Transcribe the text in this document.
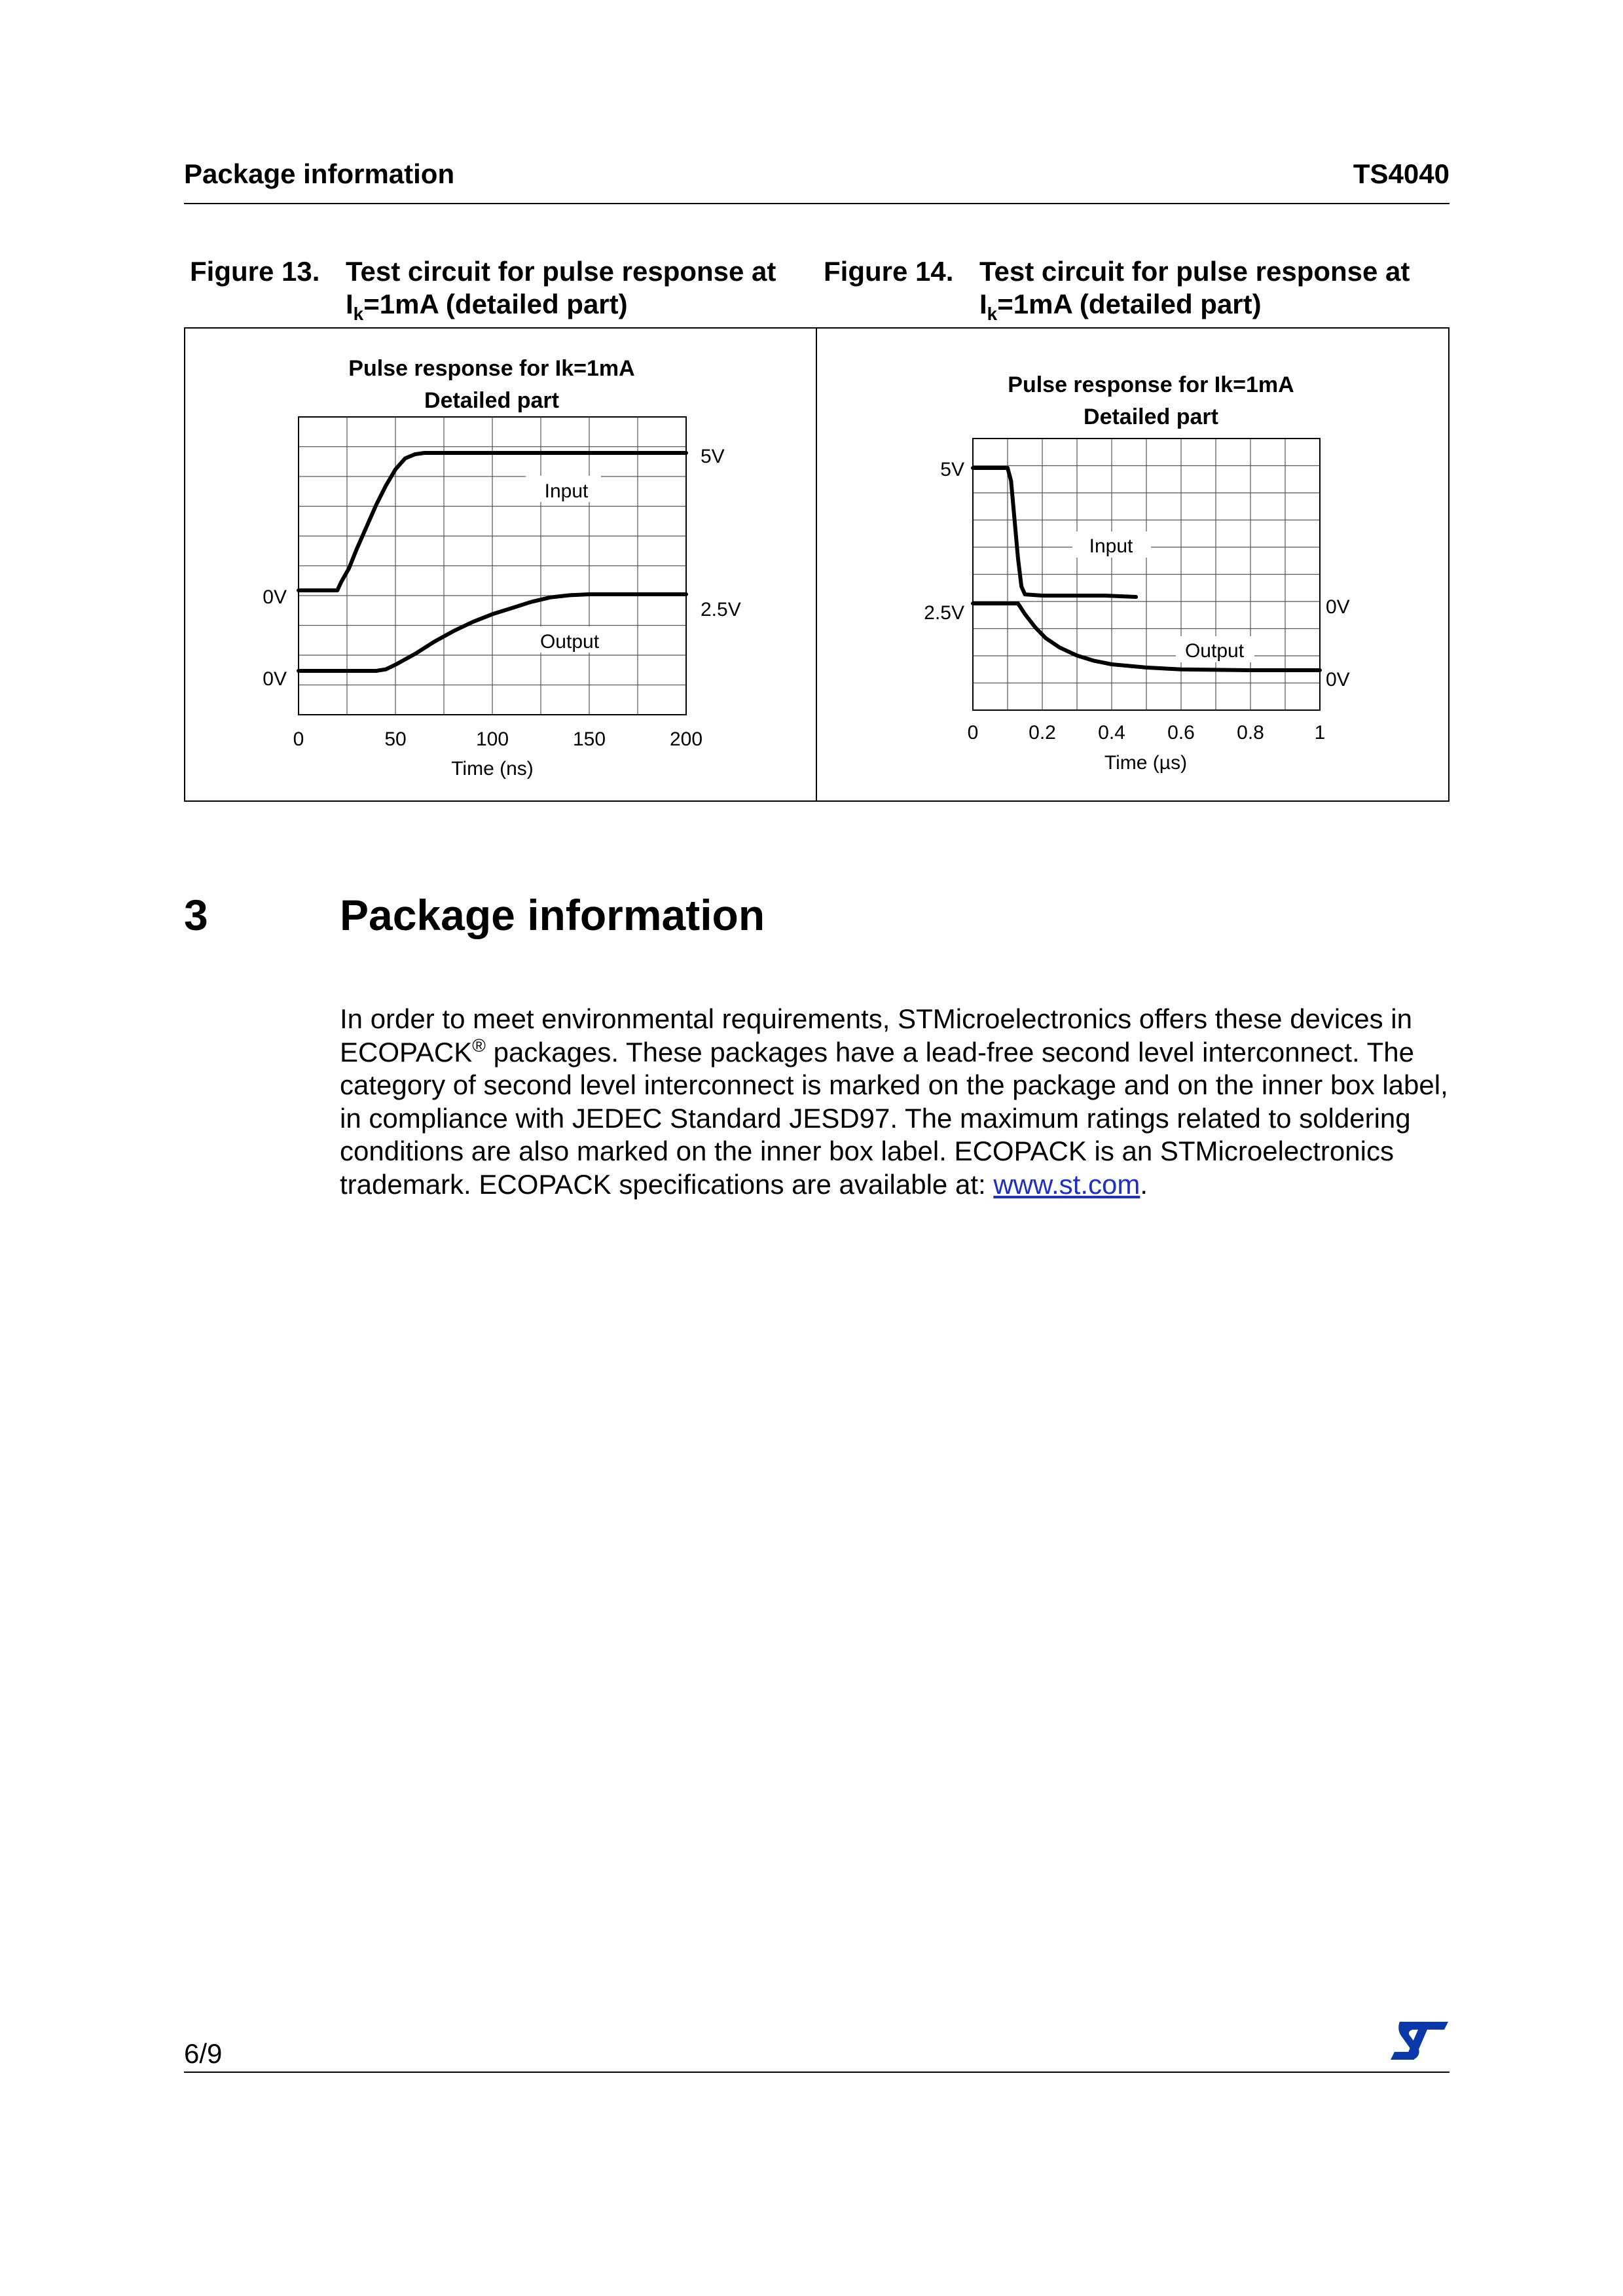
Package information	TS4040
Figure 13. Test circuit for pulse response at
$I_k=1mA$ (detailed part)
Figure 14. Test circuit for pulse response at
$I_k=1mA$ (detailed part)
Pulse response for Ik=1mA
Detailed part
Input
Output
5V
0V
2.5V
0V
0	50	100	150	200
Time (ns)
Pulse response for Ik=1mA
Detailed part
Input
Output
5V
2.5V	0V
0V
0	0.2 0.4 0.6 0.8	1
Time (µs)
3	Package information
In order to meet environmental requirements, STMicroelectronics offers these devices in ECOPACK® packages. These packages have a lead-free second level interconnect. The category of second level interconnect is marked on the package and on the inner box label, in compliance with JEDEC Standard JESD97. The maximum ratings related to soldering conditions are also marked on the inner box label. ECOPACK is an STMicroelectronics trademark. ECOPACK specifications are available at: www.st.com.
6/9
